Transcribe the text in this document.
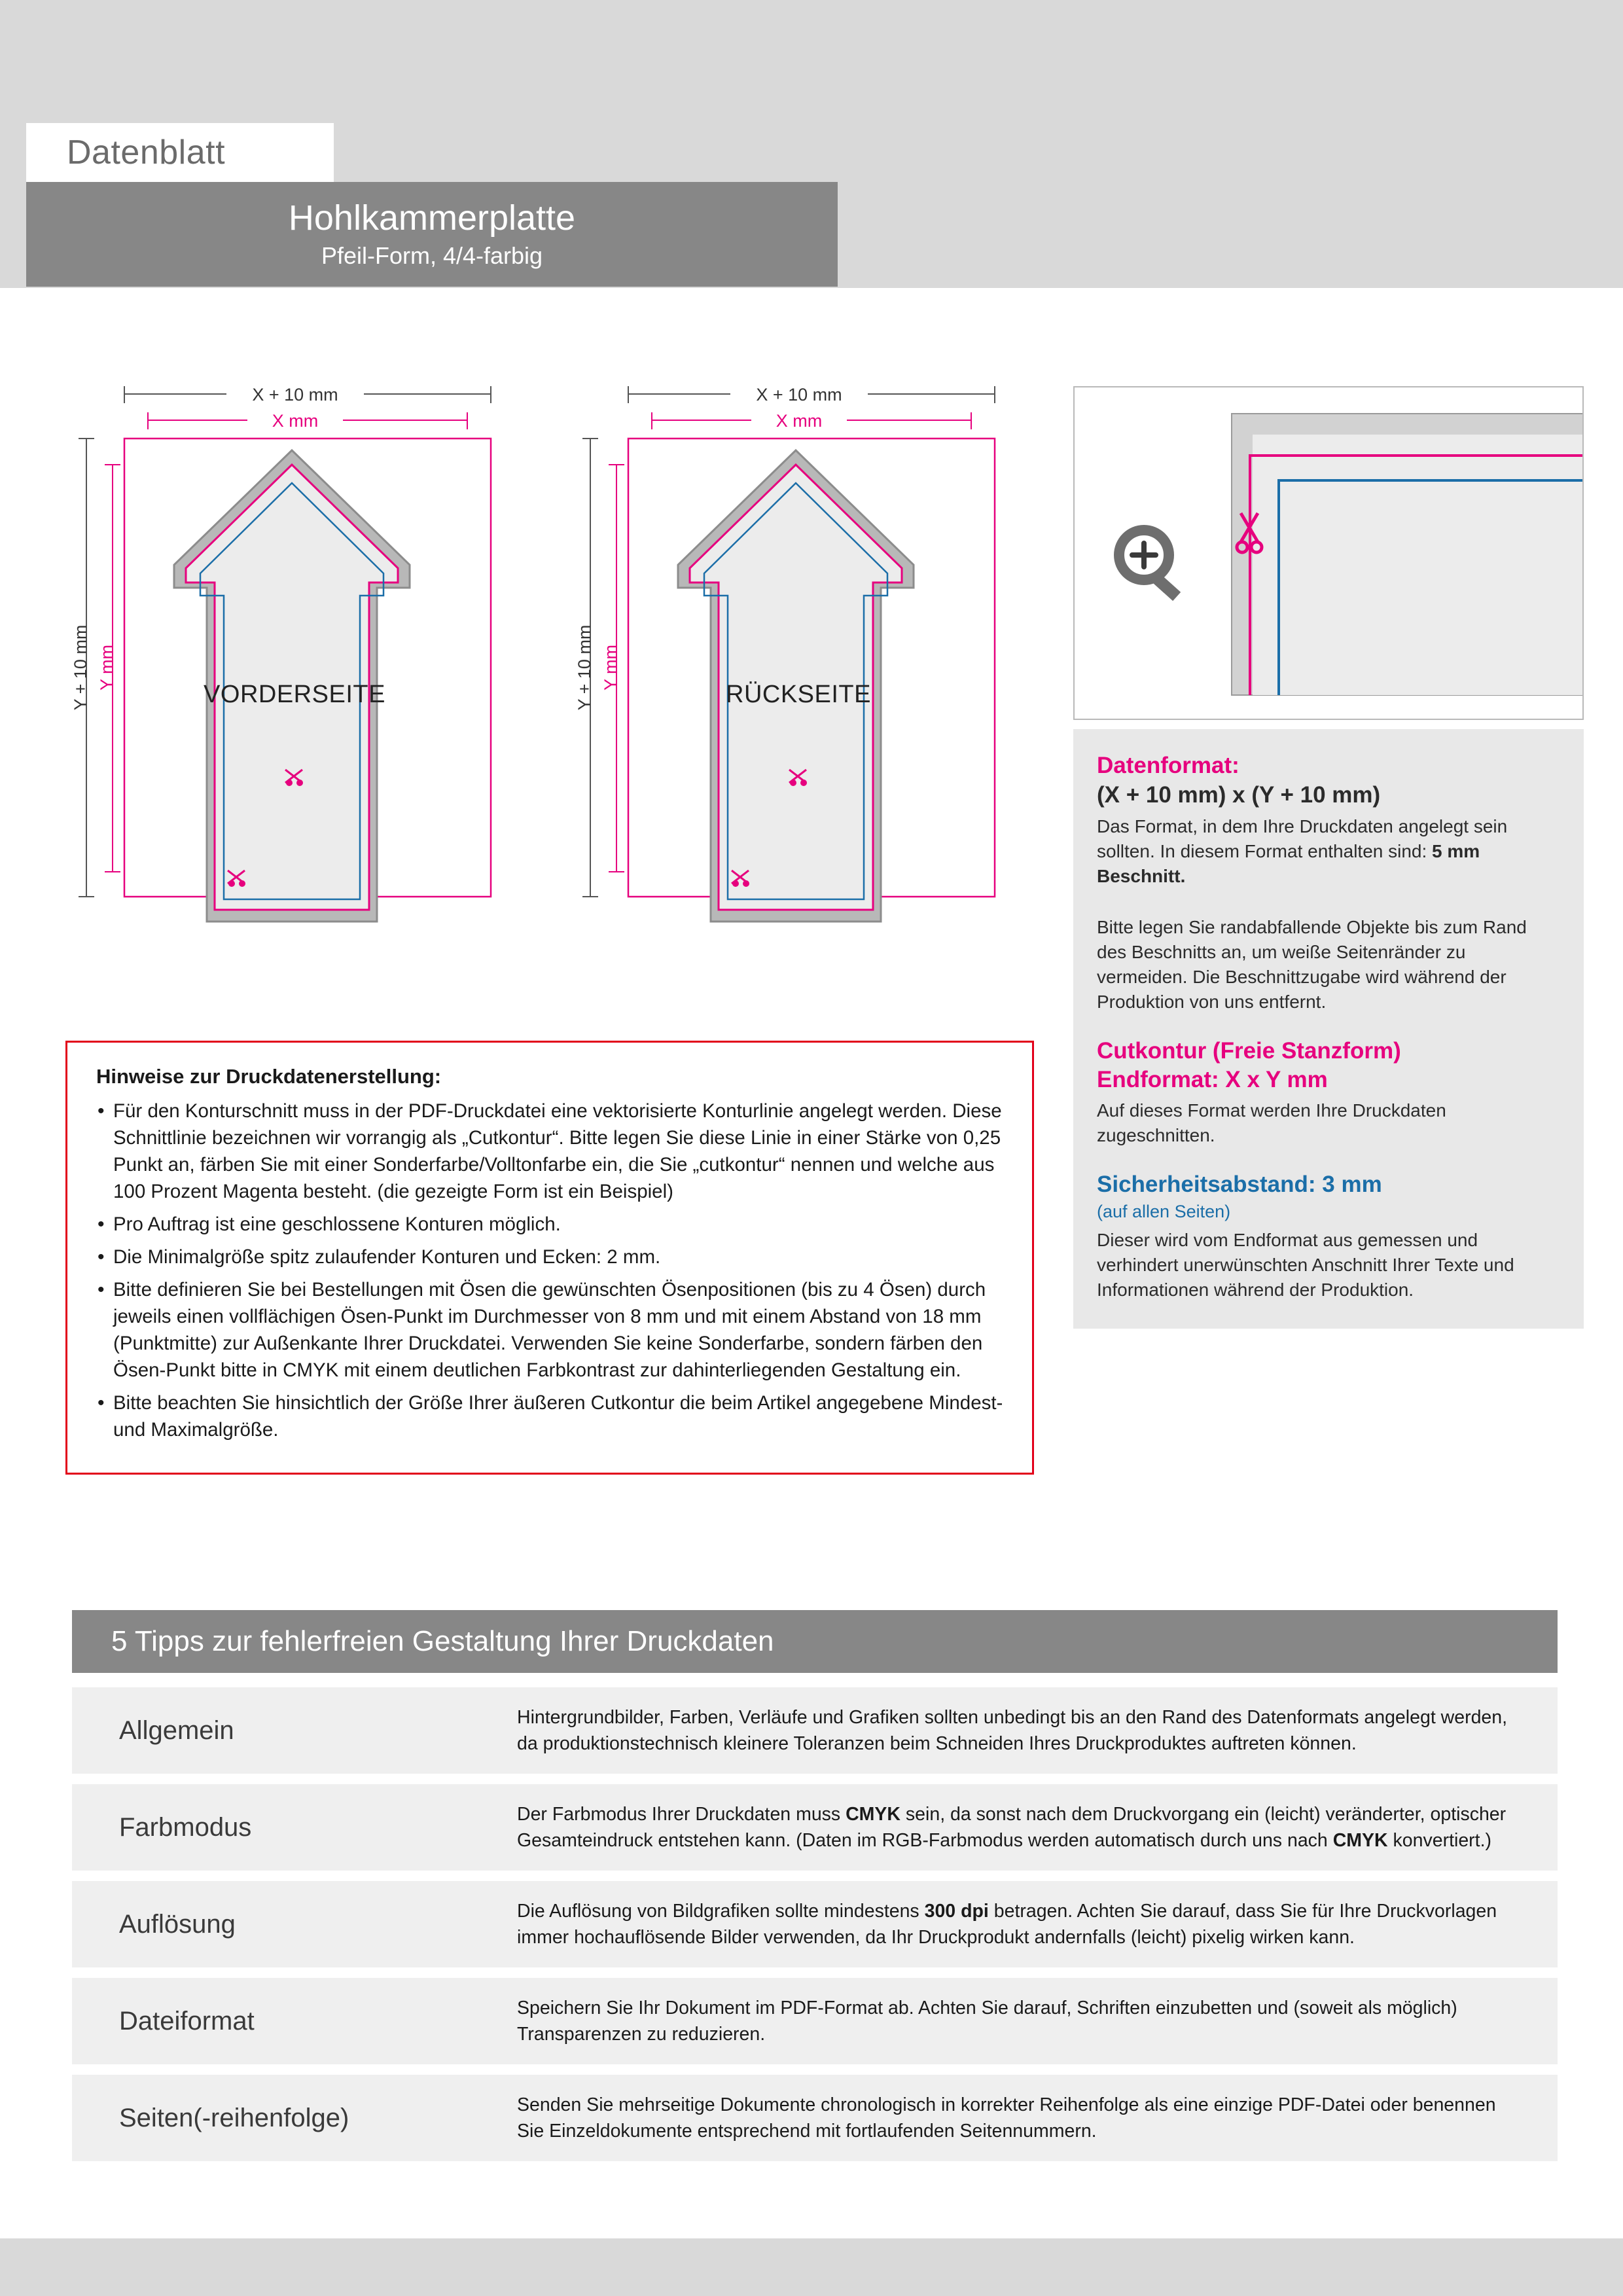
Datenblatt
Hohlkammerplatte
Pfeil-Form, 4/4-farbig
X + 10 mm
X mm
Y + 10 mm Y mm
VORDERSEITE
X + 10 mm
X mm
Y + 10 mm Y mm
RÜCKSEITE
Datenformat:
(X + 10 mm) x (Y + 10 mm)

Das Format, in dem Ihre Druckdaten angelegt sein sollten. In diesem Format enthalten sind: 5 mm Beschnitt.

Bitte legen Sie randabfallende Objekte bis zum Rand des Beschnitts an, um weiße Seitenränder zu vermeiden. Die Beschnittzugabe wird während der Produktion von uns entfernt.

Cutkontur (Freie Stanzform)
Endformat: X x Y mm

Auf dieses Format werden Ihre Druckdaten zugeschnitten.

Sicherheitsabstand: 3 mm

(auf allen Seiten)

Dieser wird vom Endformat aus gemessen und verhindert unerwünschten Anschnitt Ihrer Texte und Informationen während der Produktion.

Hinweise zur Druckdatenerstellung:
• Für den Konturschnitt muss in der PDF-Druckdatei eine vektorisierte Konturlinie angelegt werden. Diese Schnittlinie bezeichnen wir vorrangig als „Cutkontur“. Bitte legen Sie diese Linie in einer Stärke von 0,25 Punkt an, färben Sie mit einer Sonderfarbe/Volltonfarbe ein, die Sie „cutkontur“ nennen und welche aus 100 Prozent Magenta besteht. (die gezeigte Form ist ein Beispiel)
• Pro Auftrag ist eine geschlossene Konturen möglich.
• Die Minimalgröße spitz zulaufender Konturen und Ecken: 2 mm.
• Bitte definieren Sie bei Bestellungen mit Ösen die gewünschten Ösenpositionen (bis zu 4 Ösen) durch jeweils einen vollflächigen Ösen-Punkt im Durchmesser von 8 mm und mit einem Abstand von 18 mm (Punktmitte) zur Außenkante Ihrer Druckdatei. Verwenden Sie keine Sonderfarbe, sondern färben den Ösen-Punkt bitte in CMYK mit einem deutlichen Farbkontrast zur dahinterliegenden Gestaltung ein.
• Bitte beachten Sie hinsichtlich der Größe Ihrer äußeren Cutkontur die beim Artikel angegebene Mindest- und Maximalgröße.
5 Tipps zur fehlerfreien Gestaltung Ihrer Druckdaten
Allgemein	Hintergrundbilder, Farben, Verläufe und Grafiken sollten unbedingt bis an den Rand des Datenformats angelegt werden, da produktionstechnisch kleinere Toleranzen beim Schneiden Ihres Druckproduktes auftreten können.
Farbmodus	Der Farbmodus Ihrer Druckdaten muss CMYK sein, da sonst nach dem Druckvorgang ein (leicht) veränderter, optischer Gesamteindruck entstehen kann. (Daten im RGB-Farbmodus werden automatisch durch uns nach CMYK konvertiert.)
Auflösung	Die Auflösung von Bildgrafiken sollte mindestens 300 dpi betragen. Achten Sie darauf, dass Sie für Ihre Druckvorlagen immer hochauflösende Bilder verwenden, da Ihr Druckprodukt andernfalls (leicht) pixelig wirken kann.
Dateiformat	Speichern Sie Ihr Dokument im PDF-Format ab. Achten Sie darauf, Schriften einzubetten und (soweit als möglich) Transparenzen zu reduzieren.
Seiten(-reihenfolge)	Senden Sie mehrseitige Dokumente chronologisch in korrekter Reihenfolge als eine einzige PDF-Datei oder benennen Sie Einzeldokumente entsprechend mit fortlaufenden Seitennummern.
